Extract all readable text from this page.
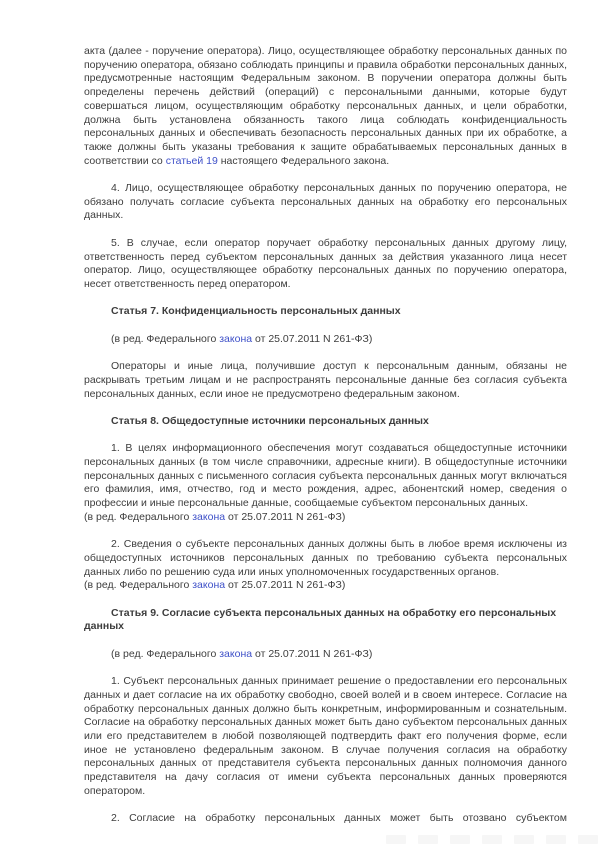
акта (далее - поручение оператора). Лицо, осуществляющее обработку персональных данных по поручению оператора, обязано соблюдать принципы и правила обработки персональных данных, предусмотренные настоящим Федеральным законом. В поручении оператора должны быть определены перечень действий (операций) с персональными данными, которые будут совершаться лицом, осуществляющим обработку персональных данных, и цели обработки, должна быть установлена обязанность такого лица соблюдать конфиденциальность персональных данных и обеспечивать безопасность персональных данных при их обработке, а также должны быть указаны требования к защите обрабатываемых персональных данных в соответствии со статьей 19 настоящего Федерального закона.

4. Лицо, осуществляющее обработку персональных данных по поручению оператора, не обязано получать согласие субъекта персональных данных на обработку его персональных данных.

5. В случае, если оператор поручает обработку персональных данных другому лицу, ответственность перед субъектом персональных данных за действия указанного лица несет оператор. Лицо, осуществляющее обработку персональных данных по поручению оператора, несет ответственность перед оператором.

Статья 7. Конфиденциальность персональных данных

(в ред. Федерального закона от 25.07.2011 N 261-ФЗ)

Операторы и иные лица, получившие доступ к персональным данным, обязаны не раскрывать третьим лицам и не распространять персональные данные без согласия субъекта персональных данных, если иное не предусмотрено федеральным законом.

Статья 8. Общедоступные источники персональных данных

1. В целях информационного обеспечения могут создаваться общедоступные источники персональных данных (в том числе справочники, адресные книги). В общедоступные источники персональных данных с письменного согласия субъекта персональных данных могут включаться его фамилия, имя, отчество, год и место рождения, адрес, абонентский номер, сведения о профессии и иные персональные данные, сообщаемые субъектом персональных данных.

(в ред. Федерального закона от 25.07.2011 N 261-ФЗ)

2. Сведения о субъекте персональных данных должны быть в любое время исключены из общедоступных источников персональных данных по требованию субъекта персональных данных либо по решению суда или иных уполномоченных государственных органов.

(в ред. Федерального закона от 25.07.2011 N 261-ФЗ)

Статья 9. Согласие субъекта персональных данных на обработку его персональных данных

(в ред. Федерального закона от 25.07.2011 N 261-ФЗ)

1. Субъект персональных данных принимает решение о предоставлении его персональных данных и дает согласие на их обработку свободно, своей волей и в своем интересе. Согласие на обработку персональных данных должно быть конкретным, информированным и сознательным. Согласие на обработку персональных данных может быть дано субъектом персональных данных или его представителем в любой позволяющей подтвердить факт его получения форме, если иное не установлено федеральным законом. В случае получения согласия на обработку персональных данных от представителя субъекта персональных данных полномочия данного представителя на дачу согласия от имени субъекта персональных данных проверяются оператором.

2. Согласие на обработку персональных данных может быть отозвано субъектом
